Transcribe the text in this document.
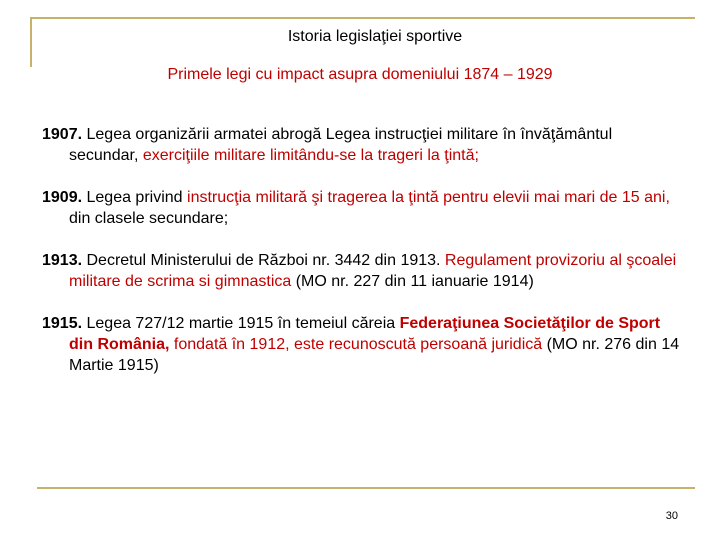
Istoria legislaţiei sportive
Primele legi cu impact asupra domeniului 1874 – 1929

1907. Legea organizării armatei abrogă Legea instrucţiei militare în învăţământul secundar, exerciţiile militare limitându-se la trageri la ţintă;

1909. Legea privind instrucţia militară şi tragerea la ţintă pentru elevii mai mari de 15 ani, din clasele secundare;

1913. Decretul Ministerului de Război nr. 3442 din 1913. Regulament provizoriu al şcoalei militare de scrima si gimnastica (MO nr. 227 din 11 ianuarie 1914)

1915. Legea 727/12 martie 1915 în temeiul căreia Federaţiunea Societăţilor de Sport din România, fondată în 1912, este recunoscută persoană juridică (MO nr. 276 din 14 Martie 1915)

30
